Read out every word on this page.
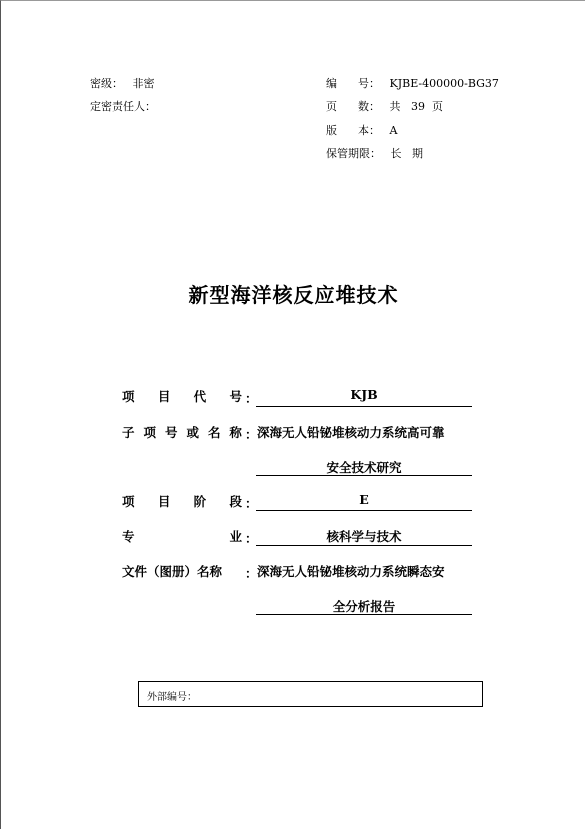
密级： 非密
定密责任人：
编      号： KJBE-400000-BG37
页      数： 共   39  页
版      本： A
保管期限： 长   期
新型海洋核反应堆技术
项 目 代 号 ：	KJB
子 项 号 或 名 称 ： 深海无人铅铋堆核动力系统高可靠
安全技术研究
项 目 阶 段 ：	E
专	业 ：	核科学与技术
文件（图册）名称 ： 深海无人铅铋堆核动力系统瞬态安
全分析报告
外部编号：
